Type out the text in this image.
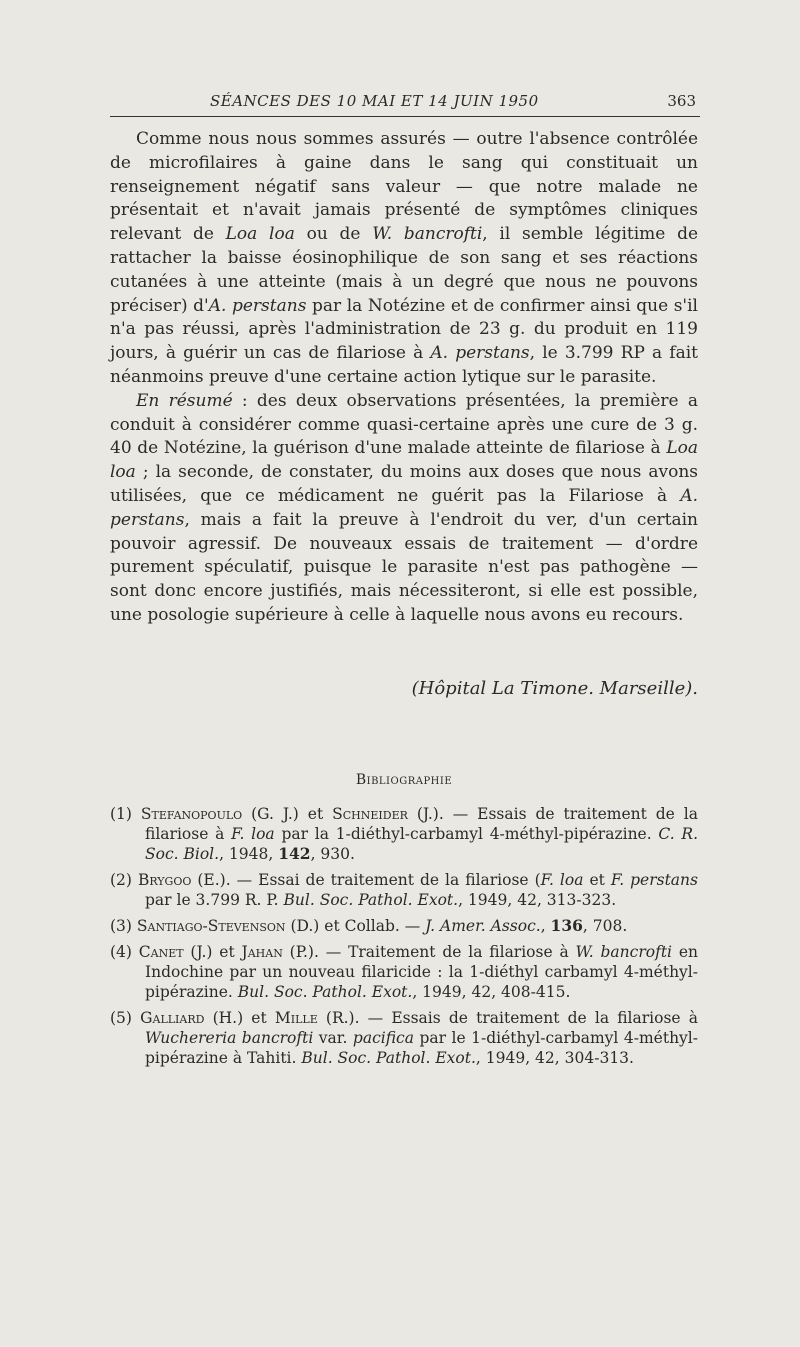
SÉANCES DES 10 MAI ET 14 JUIN 1950	363

Comme nous nous sommes assurés — outre l'absence contrôlée de microfilaires à gaine dans le sang qui constituait un renseignement négatif sans valeur — que notre malade ne présentait et n'avait jamais présenté de symptômes cliniques relevant de Loa loa ou de W. bancrofti, il semble légitime de rattacher la baisse éosinophilique de son sang et ses réactions cutanées à une atteinte (mais à un degré que nous ne pouvons préciser) d'A. perstans par la Notézine et de confirmer ainsi que s'il n'a pas réussi, après l'administration de 23 g. du produit en 119 jours, à guérir un cas de filariose à A. perstans, le 3.799 RP a fait néanmoins preuve d'une certaine action lytique sur le parasite.

En résumé : des deux observations présentées, la première a conduit à considérer comme quasi-certaine après une cure de 3 g. 40 de Notézine, la guérison d'une malade atteinte de filariose à Loa loa ; la seconde, de constater, du moins aux doses que nous avons utilisées, que ce médicament ne guérit pas la Filariose à A. perstans, mais a fait la preuve à l'endroit du ver, d'un certain pouvoir agressif. De nouveaux essais de traitement — d'ordre purement spéculatif, puisque le parasite n'est pas pathogène — sont donc encore justifiés, mais nécessiteront, si elle est possible, une posologie supérieure à celle à laquelle nous avons eu recours.

(Hôpital La Timone. Marseille).
Bibliographie
(1) Stefanopoulo (G. J.) et Schneider (J.). — Essais de traitement de la filariose à F. loa par la 1-diéthyl-carbamyl 4-méthyl-pipérazine. C. R. Soc. Biol., 1948, 142, 930.
(2) Brygoo (E.). — Essai de traitement de la filariose (F. loa et F. perstans par le 3.799 R. P. Bul. Soc. Pathol. Exot., 1949, 42, 313-323.
(3) Santiago-Stevenson (D.) et Collab. — J. Amer. Assoc., 136, 708.
(4) Canet (J.) et Jahan (P.). — Traitement de la filariose à W. bancrofti en Indochine par un nouveau filaricide : la 1-diéthyl carbamyl 4-méthyl-pipérazine. Bul. Soc. Pathol. Exot., 1949, 42, 408-415.
(5) Galliard (H.) et Mille (R.). — Essais de traitement de la filariose à Wuchereria bancrofti var. pacifica par le 1-diéthyl-carbamyl 4-méthyl-pipérazine à Tahiti. Bul. Soc. Pathol. Exot., 1949, 42, 304-313.
